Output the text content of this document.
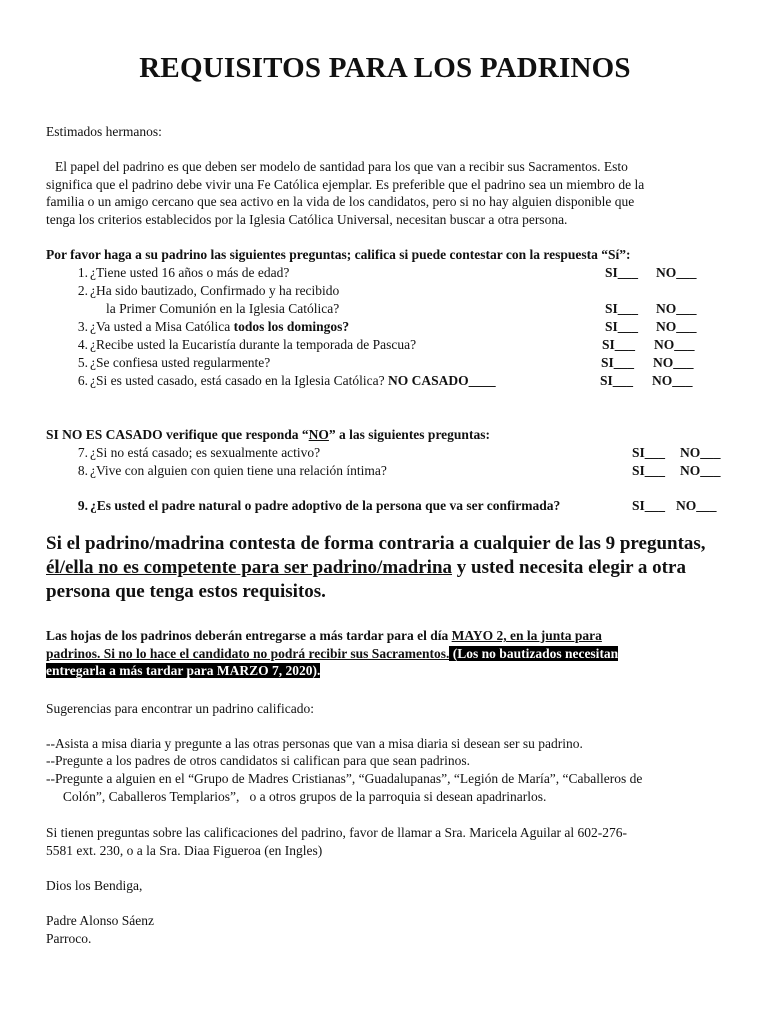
REQUISITOS PARA LOS PADRINOS
Estimados hermanos:
El papel del padrino es que deben ser modelo de santidad para los que van a recibir sus Sacramentos. Esto
significa que el padrino debe vivir una Fe Católica ejemplar. Es preferible que el padrino sea un miembro de la
familia o un amigo cercano que sea activo en la vida de los candidatos, pero si no hay alguien disponible que
tenga los criterios establecidos por la Iglesia Católica Universal, necesitan buscar a otra persona.
Por favor haga a su padrino las siguientes preguntas; califica si puede contestar con la respuesta “Sí”:
1. ¿Tiene usted 16 años o más de edad?	SI___ NO___
2. ¿Ha sido bautizado, Confirmado y ha recibido
la Primer Comunión en la Iglesia Católica?	SI___ NO___
3. ¿Va usted a Misa Católica todos los domingos?	SI___ NO___
4. ¿Recibe usted la Eucaristía durante la temporada de Pascua?	SI___ NO___
5. ¿Se confiesa usted regularmente?	SI___ NO___
6. ¿Si es usted casado, está casado en la Iglesia Católica? NO CASADO____	SI___ NO___
SI NO ES CASADO verifique que responda “NO” a las siguientes preguntas:
7. ¿Si no está casado; es sexualmente activo?	SI___ NO___
8. ¿Vive con alguien con quien tiene una relación íntima?	SI___ NO___
9. ¿Es usted el padre natural o padre adoptivo de la persona que va ser confirmada?	SI___ NO___
Si el padrino/madrina contesta de forma contraria a cualquier de las 9 preguntas, él/ella no es competente para ser padrino/madrina y usted necesita elegir a otra persona que tenga estos requisitos.
Las hojas de los padrinos deberán entregarse a más tardar para el día MAYO 2, en la junta para
padrinos. Si no lo hace el candidato no podrá recibir sus Sacramentos. (Los no bautizados necesitan
entregarla a más tardar para MARZO 7, 2020).
Sugerencias para encontrar un padrino calificado:
--Asista a misa diaria y pregunte a las otras personas que van a misa diaria si desean ser su padrino.
--Pregunte a los padres de otros candidatos si califican para que sean padrinos.
--Pregunte a alguien en el “Grupo de Madres Cristianas”, “Guadalupanas”, “Legión de María”, “Caballeros de
Colón”, Caballeros Templarios”,   o a otros grupos de la parroquia si desean apadrinarlos.
Si tienen preguntas sobre las calificaciones del padrino, favor de llamar a Sra. Maricela Aguilar al 602-276-
5581 ext. 230, o a la Sra. Diaa Figueroa (en Ingles)
Dios los Bendiga,
Padre Alonso Sáenz
Parroco.
